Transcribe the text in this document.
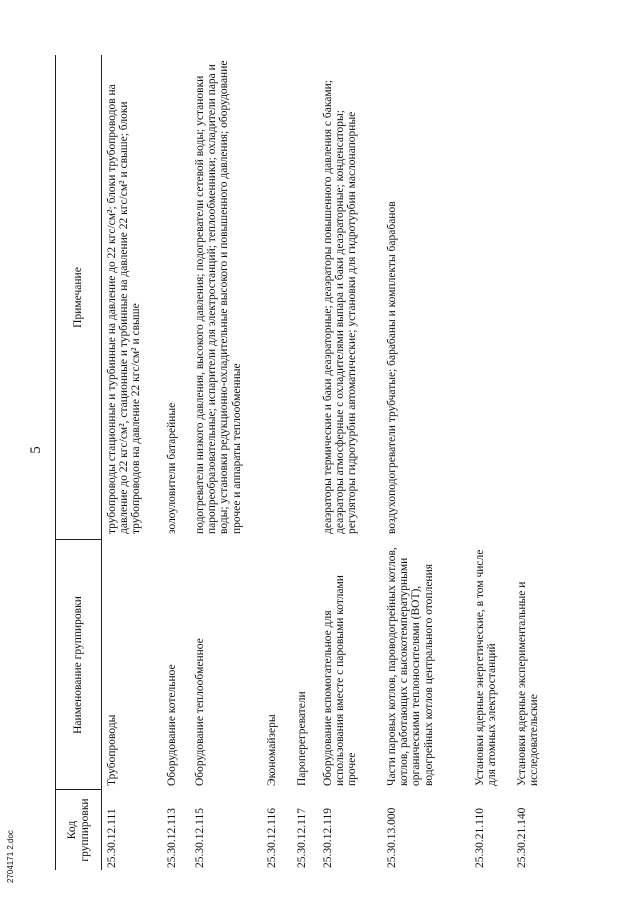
5
2704171 2.doc
Код группировки
Наименование группировки
Примечание
25.30.12.111
Трубопроводы
трубопроводы стационные и турбинные на давление до 22 кгс/см²; блоки трубопроводов на давление до 22 кгс/см², стационные и турбинные на давление 22 кгс/см² и свыше; блоки трубопроводов на давление 22 кгс/см² и свыше
25.30.12.113
Оборудование котельное
золоуловители батарейные
25.30.12.115
Оборудование теплообменное
подогреватели низкого давления, высокого давления; подогреватели сетевой воды; установки паропреобразовательные; испарители для электростанций; теплообменники; охладители пара и воды; установки редукционно-охладительные высокого и повышенного давления; оборудование прочее и аппараты теплообменные
25.30.12.116
Экономайзеры
25.30.12.117
Пароперегреватели
25.30.12.119
Оборудование вспомогательное для использования вместе с паровыми котлами прочее
деаэраторы термические и баки деаэраторные; деаэраторы повышенного давления с баками; деаэраторы атмосферные с охладителями выпара и баки деаэраторные; конденсаторы; регуляторы гидротурбин автоматические; установки для гидротурбин маслонапорные
25.30.13.000
Части паровых котлов, пароводогрейных котлов, котлов, работающих с высокотемпературными органическими теплоносителями (ВОТ), водогрейных котлов центрального отопления
воздухоподогреватели трубчатые; барабаны и комплекты барабанов
25.30.21.110
Установки ядерные энергетические, в том числе для атомных электростанций
25.30.21.140
Установки ядерные экспериментальные и исследовательские
